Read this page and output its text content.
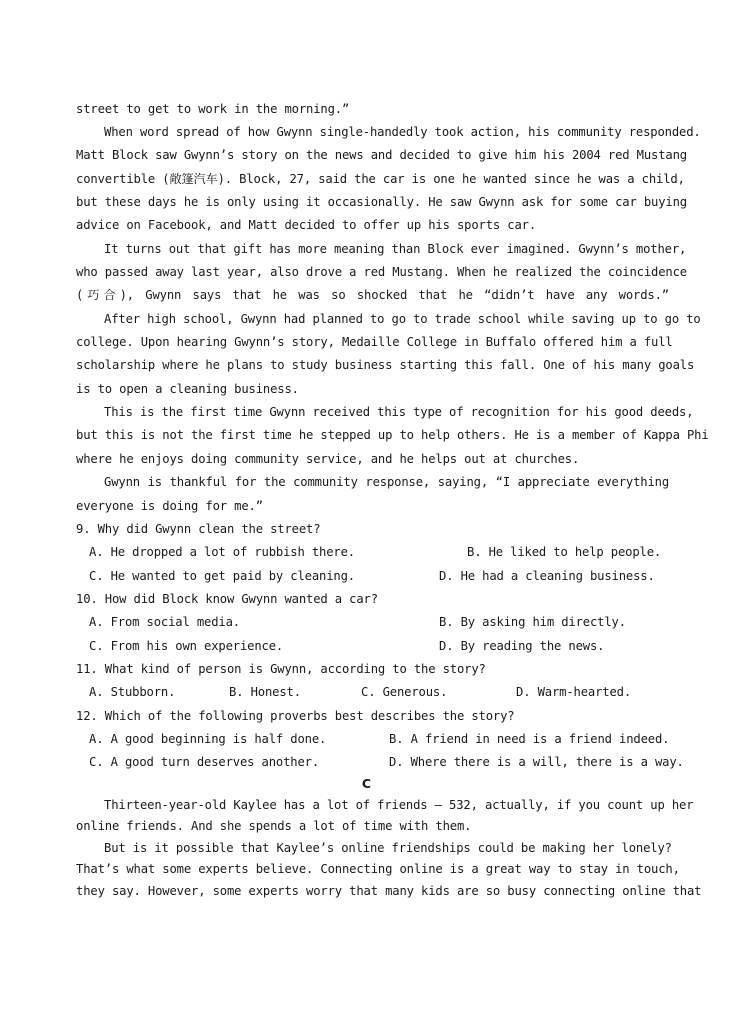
street to get to work in the morning.”
When word spread of how Gwynn single-handedly took action, his community responded.
Matt Block saw Gwynn’s story on the news and decided to give him his 2004 red Mustang
convertible (敞篷汽车). Block, 27, said the car is one he wanted since he was a child,
but these days he is only using it occasionally. He saw Gwynn ask for some car buying
advice on Facebook, and Matt decided to offer up his sports car.
It turns out that gift has more meaning than Block ever imagined. Gwynn’s mother,
who passed away last year, also drove a red Mustang. When he realized the coincidence
(巧合), Gwynn says that he was so shocked that he “didn’t have any words.”
After high school, Gwynn had planned to go to trade school while saving up to go to
college. Upon hearing Gwynn’s story, Medaille College in Buffalo offered him a full
scholarship where he plans to study business starting this fall. One of his many goals
is to open a cleaning business.
This is the first time Gwynn received this type of recognition for his good deeds,
but this is not the first time he stepped up to help others. He is a member of Kappa Phi
where he enjoys doing community service, and he helps out at churches.
Gwynn is thankful for the community response, saying, “I appreciate everything
everyone is doing for me.”
9. Why did Gwynn clean the street?
A. He dropped a lot of rubbish there.	B. He liked to help people.
C. He wanted to get paid by cleaning.	D. He had a cleaning business.
10. How did Block know Gwynn wanted a car?
A. From social media.	B. By asking him directly.
C. From his own experience.	D. By reading the news.
11. What kind of person is Gwynn, according to the story?
A. Stubborn.	B. Honest.	C. Generous.	D. Warm-hearted.
12. Which of the following proverbs best describes the story?
A. A good beginning is half done.	B. A friend in need is a friend indeed.
C. A good turn deserves another.	D. Where there is a will, there is a way.
C
Thirteen-year-old Kaylee has a lot of friends — 532, actually, if you count up her
online friends. And she spends a lot of time with them.
But is it possible that Kaylee’s online friendships could be making her lonely?
That’s what some experts believe. Connecting online is a great way to stay in touch,
they say. However, some experts worry that many kids are so busy connecting online that
